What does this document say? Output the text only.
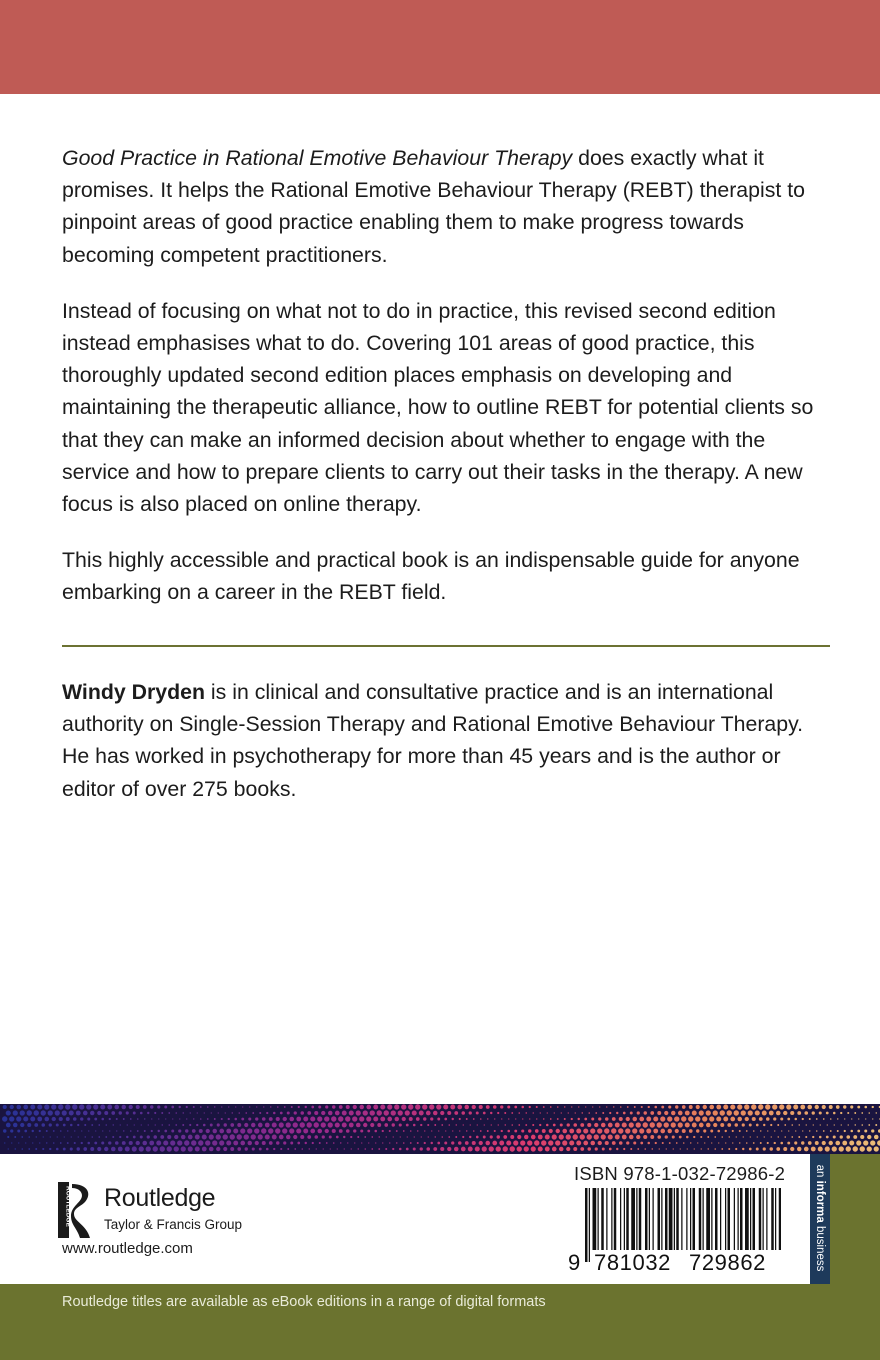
Good Practice in Rational Emotive Behaviour Therapy does exactly what it promises. It helps the Rational Emotive Behaviour Therapy (REBT) therapist to pinpoint areas of good practice enabling them to make progress towards becoming competent practitioners.

Instead of focusing on what not to do in practice, this revised second edition instead emphasises what to do. Covering 101 areas of good practice, this thoroughly updated second edition places emphasis on developing and maintaining the therapeutic alliance, how to outline REBT for potential clients so that they can make an informed decision about whether to engage with the service and how to prepare clients to carry out their tasks in the therapy. A new focus is also placed on online therapy.

This highly accessible and practical book is an indispensable guide for anyone embarking on a career in the REBT field.

Windy Dryden is in clinical and consultative practice and is an international authority on Single-Session Therapy and Rational Emotive Behaviour Therapy. He has worked in psychotherapy for more than 45 years and is the author or editor of over 275 books.

an informa business
ROUTLEDGE Routledge
Taylor & Francis Group
www.routledge.com
ISBN 978-1-032-72986-2
9 781032 729862
Routledge titles are available as eBook editions in a range of digital formats
